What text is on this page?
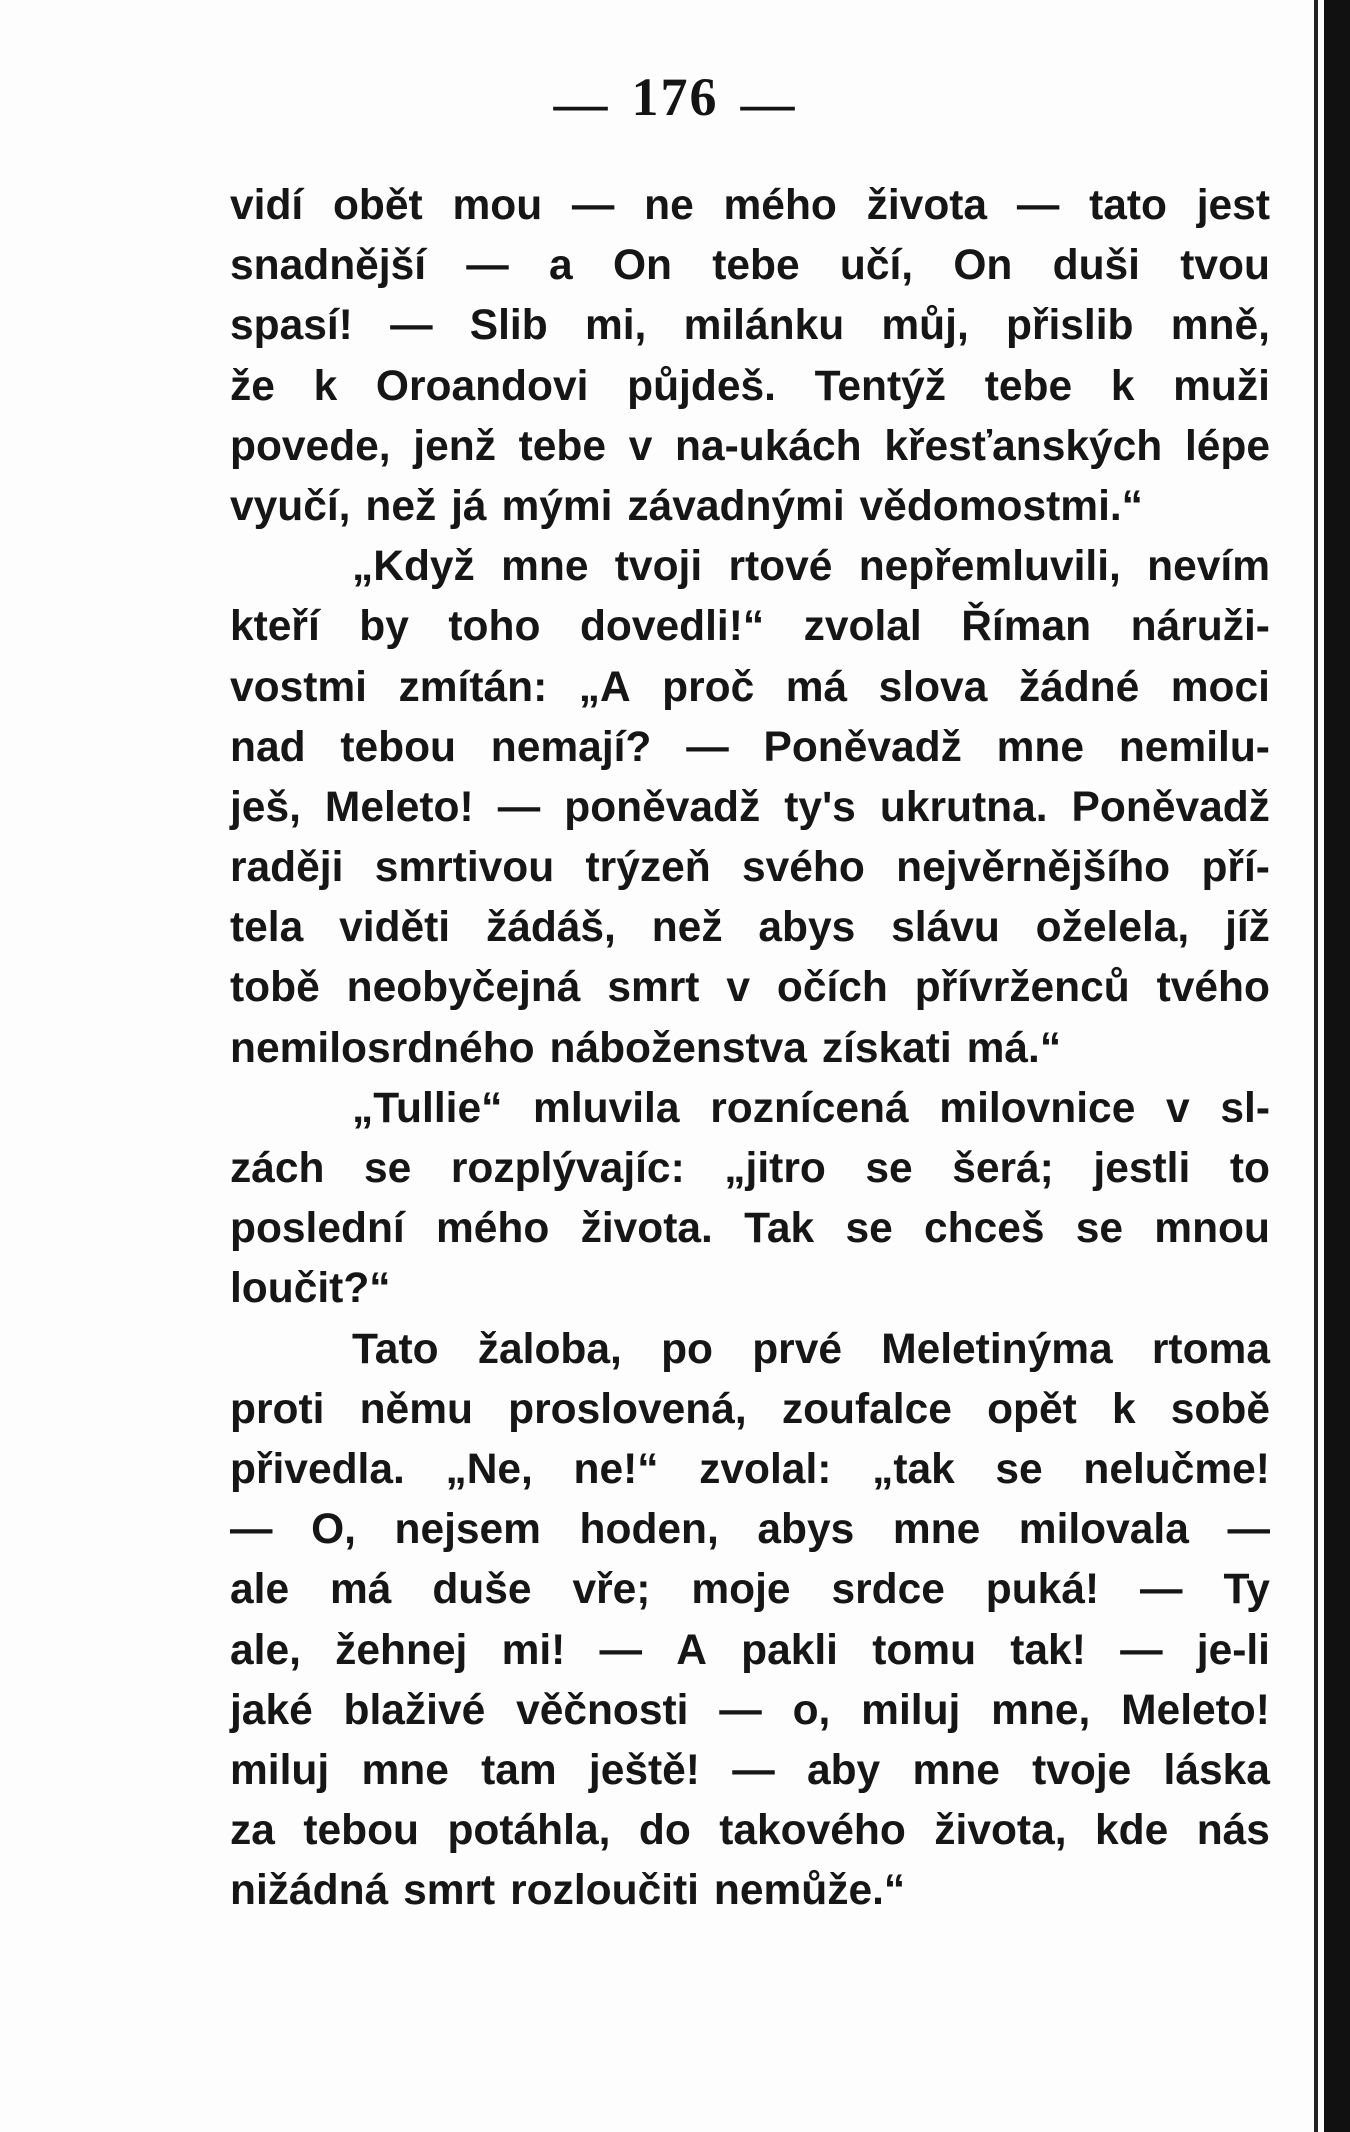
— 176 —
vidí obět mou — ne mého života — tato jest
snadnější — a On tebe učí, On duši tvou
spasí! — Slib mi, milánku můj, přislib mně,
že k Oroandovi půjdeš. Tentýž tebe k muži
povede, jenž tebe v na-ukách křesťanských lépe
vyučí, než já mými závadnými vědomostmi.“
„Když mne tvoji rtové nepřemluvili, nevím
kteří by toho dovedli!“ zvolal Říman náruži-
vostmi zmítán: „A proč má slova žádné moci
nad tebou nemají? — Poněvadž mne nemilu-
ješ, Meleto! — poněvadž ty's ukrutna. Poněvadž
raději smrtivou trýzeň svého nejvěrnějšího pří-
tela viděti žádáš, než abys slávu oželela, jíž
tobě neobyčejná smrt v očích přívrženců tvého
nemilosrdného náboženstva získati má.“
„Tullie“ mluvila roznícená milovnice v sl-
zách se rozplývajíc: „jitro se šerá; jestli to
poslední mého života. Tak se chceš se mnou
loučit?“
Tato žaloba, po prvé Meletinýma rtoma
proti němu proslovená, zoufalce opět k sobě
přivedla. „Ne, ne!“ zvolal: „tak se nelučme!
— O, nejsem hoden, abys mne milovala —
ale má duše vře; moje srdce puká! — Ty
ale, žehnej mi! — A pakli tomu tak! — je-li
jaké blaživé věčnosti — o, miluj mne, Meleto!
miluj mne tam ještě! — aby mne tvoje láska
za tebou potáhla, do takového života, kde nás
nižádná smrt rozloučiti nemůže.“
